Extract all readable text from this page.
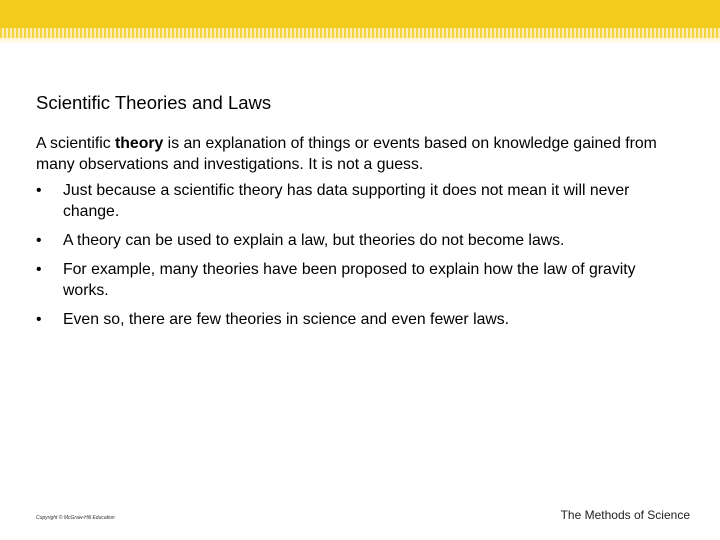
Scientific Theories and Laws
A scientific theory is an explanation of things or events based on knowledge gained from many observations and investigations. It is not a guess.
• Just because a scientific theory has data supporting it does not mean it will never change.
• A theory can be used to explain a law, but theories do not become laws.
• For example, many theories have been proposed to explain how the law of gravity works.
• Even so, there are few theories in science and even fewer laws.
Copyright © McGraw-Hill Education	The Methods of Science
